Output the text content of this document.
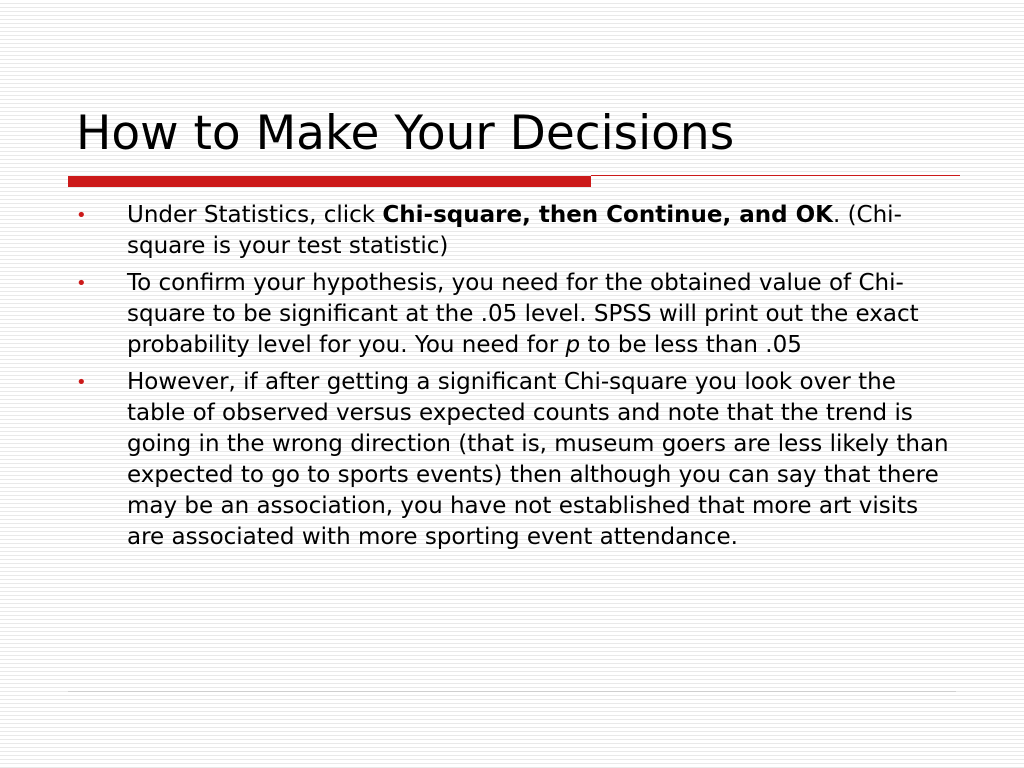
How to Make Your Decisions
•	Under Statistics, click Chi-square, then Continue, and OK. (Chi-square is your test statistic)
•	To confirm your hypothesis, you need for the obtained value of Chi-square to be significant at the .05 level. SPSS will print out the exact probability level for you. You need for p to be less than .05
•	However, if after getting a significant Chi-square you look over the table of observed versus expected counts and note that the trend is going in the wrong direction (that is, museum goers are less likely than expected to go to sports events) then although you can say that there may be an association, you have not established that more art visits are associated with more sporting event attendance.
